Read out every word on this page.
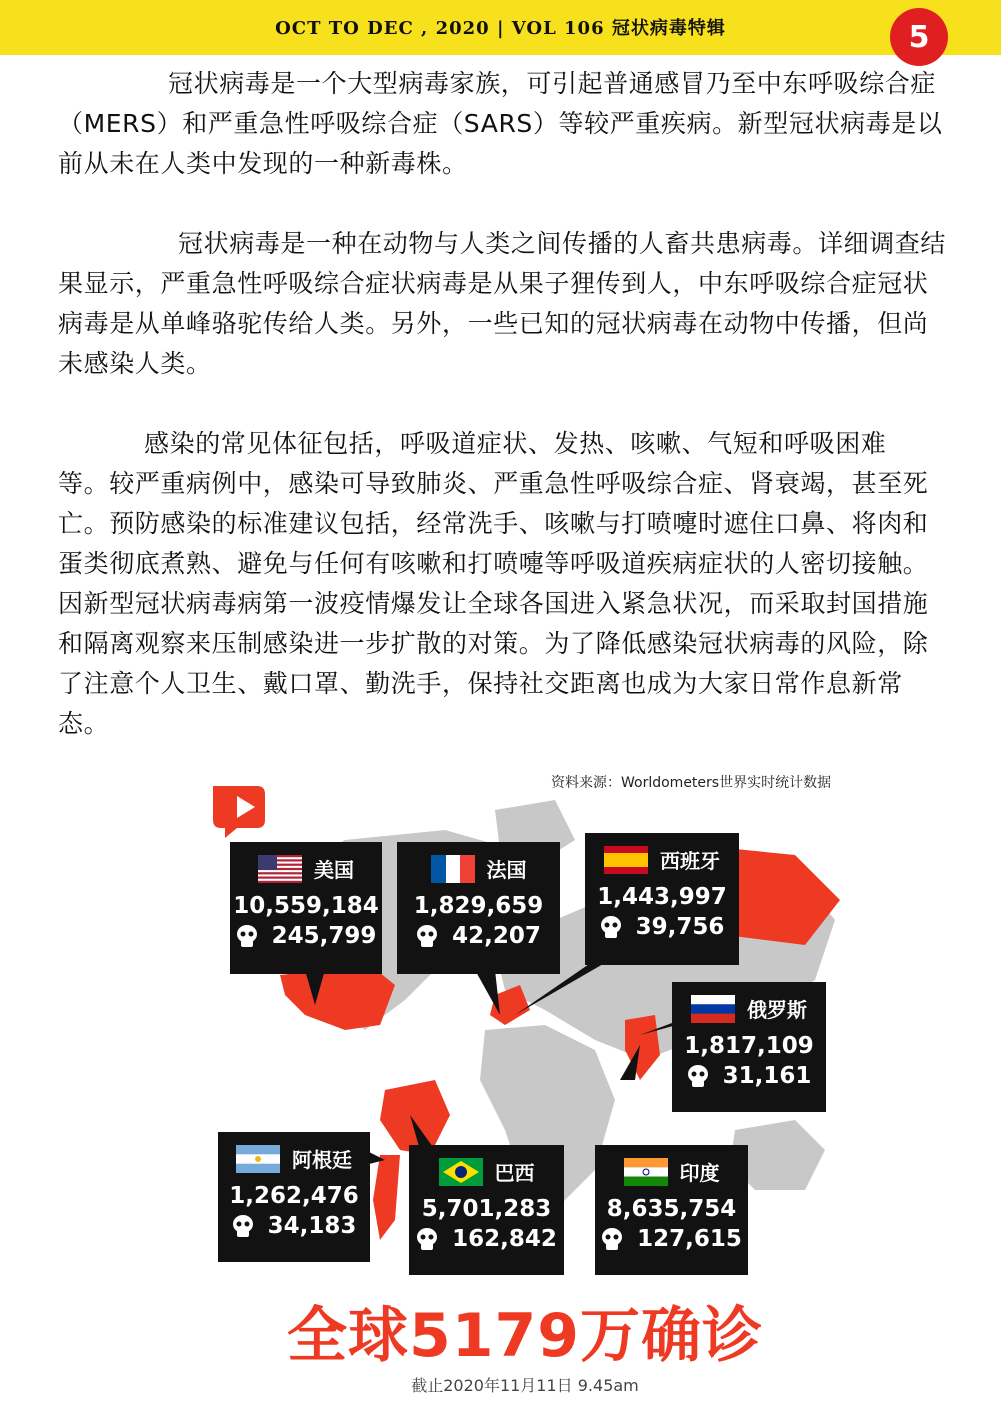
OCT TO DEC , 2020 | VOL 106 冠状病毒特辑	5

冠状病毒是一个大型病毒家族，可引起普通感冒乃至中东呼吸综合症（MERS）和严重急性呼吸综合症（SARS）等较严重疾病。新型冠状病毒是以前从未在人类中发现的一种新毒株。

冠状病毒是一种在动物与人类之间传播的人畜共患病毒。详细调查结果显示，严重急性呼吸综合症状病毒是从果子狸传到人，中东呼吸综合症冠状病毒是从单峰骆驼传给人类。另外，一些已知的冠状病毒在动物中传播，但尚未感染人类。

感染的常见体征包括，呼吸道症状、发热、咳嗽、气短和呼吸困难等。较严重病例中，感染可导致肺炎、严重急性呼吸综合症、肾衰竭，甚至死亡。预防感染的标准建议包括，经常洗手、咳嗽与打喷嚏时遮住口鼻、将肉和蛋类彻底煮熟、避免与任何有咳嗽和打喷嚏等呼吸道疾病症状的人密切接触。因新型冠状病毒病第一波疫情爆发让全球各国进入紧急状况，而采取封国措施和隔离观察来压制感染进一步扩散的对策。为了降低感染冠状病毒的风险，除了注意个人卫生、戴口罩、勤洗手，保持社交距离也成为大家日常作息新常态。

资料来源：Worldometers世界实时统计数据
美国
10,559,184
245,799
法国
1,829,659
42,207
西班牙
1,443,997
39,756
俄罗斯
1,817,109
31,161
阿根廷
1,262,476
34,183
巴西
5,701,283
162,842
印度
8,635,754
127,615
全球5179万确诊
截止2020年11月11日 9.45am
